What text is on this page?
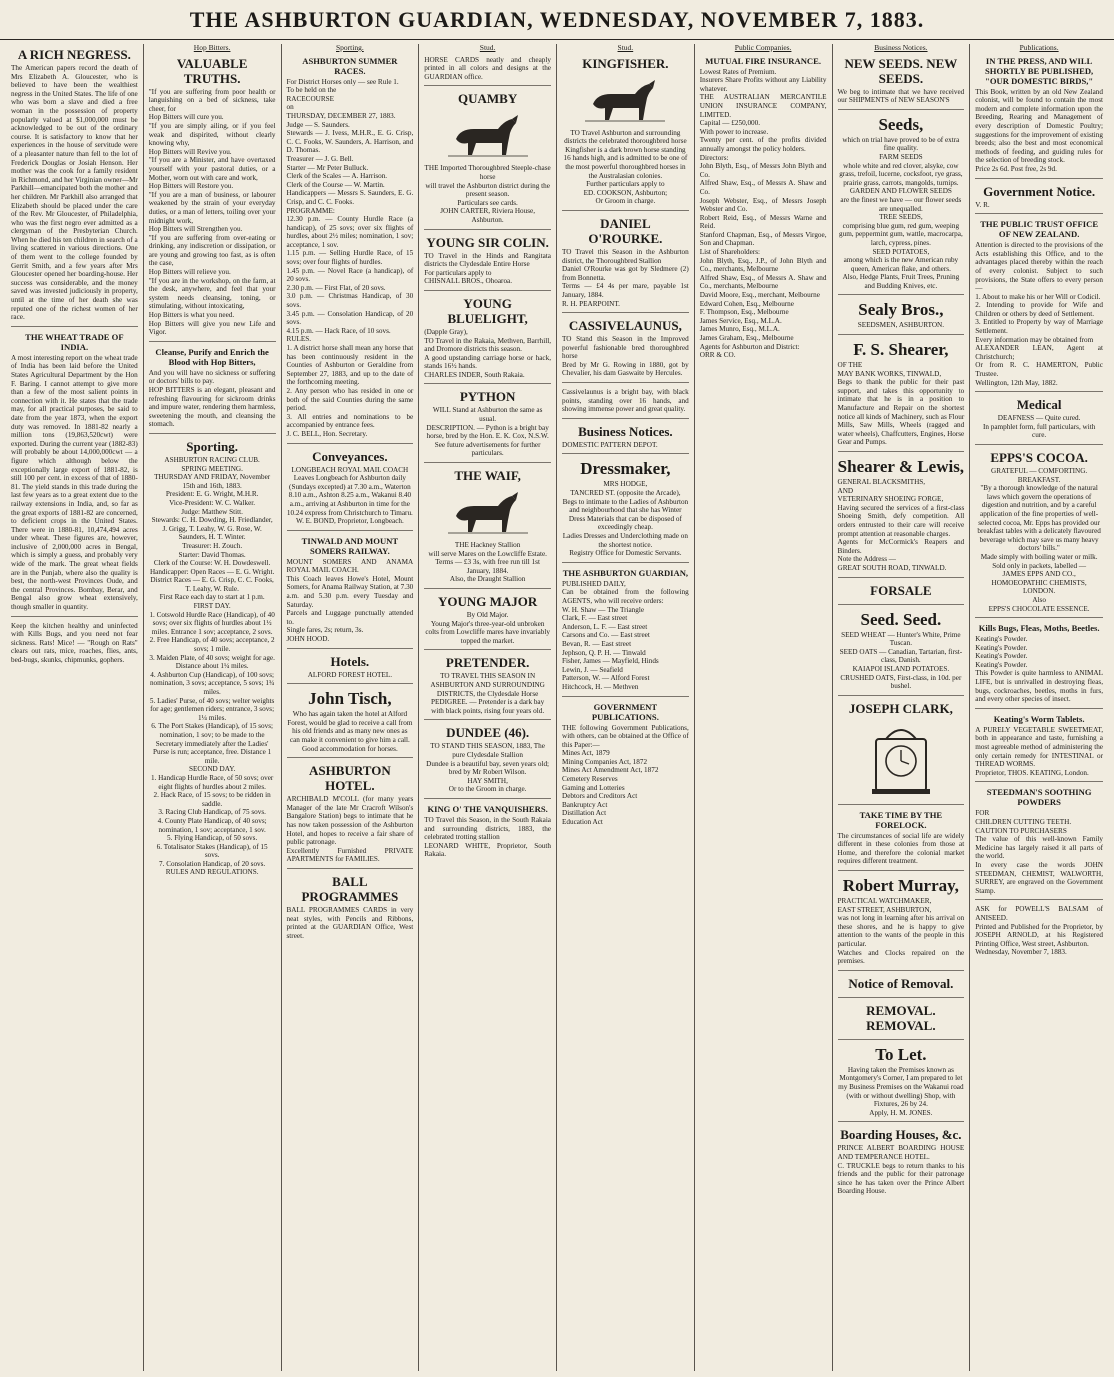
THE ASHBURTON GUARDIAN, WEDNESDAY, NOVEMBER 7, 1883.
A RICH NEGRESS.
The American papers record the death of Mrs Elizabeth A. Gloucester, who is believed to have been the wealthiest negress in the United States. The life of one who was born a slave and died a free woman in the possession of property popularly valued at $1,000,000 must be acknowledged to be out of the ordinary course. It is satisfactory to know that her experiences in the house of servitude were of a pleasanter nature than fell to the lot of Frederick Douglas or Josiah Henson. Her mother was the cook for a family resident in Richmond, and her Virginian owner—Mr Parkhill—emancipated both the mother and her children. Mr Parkhill also arranged that Elizabeth should be placed under the care of the Rev. Mr Gloucester, of Philadelphia, who was the first negro ever admitted as a clergyman of the Presbyterian Church. When he died his ten children in search of a living scattered in various directions. One of them went to the college founded by Gerrit Smith, and a few years after Mrs Gloucester opened her boarding-house. Her success was considerable, and the money saved was invested judiciously in property, until at the time of her death she was reputed one of the richest women of her race.
THE WHEAT TRADE OF INDIA.
A most interesting report on the wheat trade of India has been laid before the United States Agricultural Department by the Hon F. Baring. I cannot attempt to give more than a few of the most salient points in connection with it. He states that the trade may, for all practical purposes, be said to date from the year 1873, when the export duty was removed. In 1881-82 nearly a million tons (19,863,520cwt) were exported. During the current year (1882-83) will probably be about 14,000,000cwt — a figure which although below the exceptionally large export of 1881-82, is still 100 per cent. in excess of that of 1880-81. The yield stands in this trade during the last few years as to a great extent due to the railway extensions in India, and, so far as the great exports of 1881-82 are concerned, to deficient crops in the United States. There were in 1880-81, 10,474,494 acres under wheat. These figures are, however, inclusive of 2,000,000 acres in Bengal, which is simply a guess, and probably very wide of the mark. The great wheat fields are in the Punjab, where also the quality is best, the north-west Provinces Oude, and the central Provinces. Bombay, Berar, and Bengal also grow wheat extensively, though smaller in quantity.
Keep the kitchen healthy and uninfected with Kills Bugs, and you need not fear sickness. Rats! Mice! — "Rough on Rats" clears out rats, mice, roaches, flies, ants, bed-bugs, skunks, chipmunks, gophers.
Hop Bitters.
VALUABLE TRUTHS.
"If you are suffering from poor health or languishing on a bed of sickness, take cheer, for
Hop Bitters will cure you.
"If you are simply ailing, or if you feel weak and dispirited, without clearly knowing why,
Hop Bitters will Revive you.
"If you are a Minister, and have overtaxed yourself with your pastoral duties, or a Mother, worn out with care and work,
Hop Bitters will Restore you.
"If you are a man of business, or labourer weakened by the strain of your everyday duties, or a man of letters, toiling over your midnight work,
Hop Bitters will Strengthen you.
"If you are suffering from over-eating or drinking, any indiscretion or dissipation, or are young and growing too fast, as is often the case,
Hop Bitters will relieve you.
"If you are in the workshop, on the farm, at the desk, anywhere, and feel that your system needs cleansing, toning, or stimulating, without intoxicating,
Hop Bitters is what you need.
Hop Bitters will give you new Life and Vigor.
Cleanse, Purify and Enrich the Blood with Hop Bitters,
And you will have no sickness or suffering or doctors' bills to pay.
HOP BITTERS is an elegant, pleasant and refreshing flavouring for sickroom drinks and impure water, rendering them harmless, sweetening the mouth, and cleansing the stomach.
Sporting.
ASHBURTON RACING CLUB.
SPRING MEETING.
THURSDAY AND FRIDAY, November 15th and 16th, 1883.
President: E. G. Wright, M.H.R.
Vice-President: W. C. Walker.
Judge: Matthew Stitt.
Stewards: C. H. Dowding, H. Friedlander, J. Grigg, T. Leahy, W. G. Rose, W. Saunders, H. T. Winter.
Treasurer: H. Zouch.
Starter: David Thomas.
Clerk of the Course: W. H. Dowdeswell.
Handicapper: Open Races — E. G. Wright. District Races — E. G. Crisp, C. C. Fooks, T. Leahy, W. Rule.
First Race each day to start at 1 p.m.
FIRST DAY.
1. Cotswold Hurdle Race (Handicap), of 40 sovs; over six flights of hurdles about 1½ miles. Entrance 1 sov; acceptance, 2 sovs.
2. Free Handicap, of 40 sovs; acceptance, 2 sovs; 1 mile.
3. Maiden Plate, of 40 sovs; weight for age. Distance about 1¼ miles.
4. Ashburton Cup (Handicap), of 100 sovs; nomination, 3 sovs; acceptance, 5 sovs; 1¾ miles.
5. Ladies' Purse, of 40 sovs; welter weights for age; gentlemen riders; entrance, 3 sovs; 1¼ miles.
6. The Port Stakes (Handicap), of 15 sovs; nomination, 1 sov; to be made to the Secretary immediately after the Ladies' Purse is run; acceptance, free. Distance 1 mile.
SECOND DAY.
1. Handicap Hurdle Race, of 50 sovs; over eight flights of hurdles about 2 miles.
2. Hack Race, of 15 sovs; to be ridden in saddle.
3. Racing Club Handicap, of 75 sovs.
4. County Plate Handicap, of 40 sovs; nomination, 1 sov; acceptance, 1 sov.
5. Flying Handicap, of 50 sovs.
6. Totalisator Stakes (Handicap), of 15 sovs.
7. Consolation Handicap, of 20 sovs.
RULES AND REGULATIONS.
Sporting.
ASHBURTON SUMMER RACES.
For District Horses only — see Rule 1.
To be held on the
RACECOURSE
on
THURSDAY, DECEMBER 27, 1883.
Judge — S. Saunders.
Stewards — J. Ivess, M.H.R., E. G. Crisp, C. C. Fooks, W. Saunders, A. Harrison, and D. Thomas.
Treasurer — J. G. Bell.
Starter — Mr Peter Bulluck.
Clerk of the Scales — A. Harrison.
Clerk of the Course — W. Martin.
Handicappers — Messrs S. Saunders, E. G. Crisp, and C. C. Fooks.
PROGRAMME:
12.30 p.m. — County Hurdle Race (a handicap), of 25 sovs; over six flights of hurdles, about 2½ miles; nomination, 1 sov; acceptance, 1 sov.
1.15 p.m. — Selling Hurdle Race, of 15 sovs; over four flights of hurdles.
1.45 p.m. — Novel Race (a handicap), of 20 sovs.
2.30 p.m. — First Flat, of 20 sovs.
3.0 p.m. — Christmas Handicap, of 30 sovs.
3.45 p.m. — Consolation Handicap, of 20 sovs.
4.15 p.m. — Hack Race, of 10 sovs.
RULES.
1. A district horse shall mean any horse that has been continuously resident in the Counties of Ashburton or Geraldine from September 27, 1883, and up to the date of the forthcoming meeting.
2. Any person who has resided in one or both of the said Counties during the same period.
3. All entries and nominations to be accompanied by entrance fees.
J. C. BELL, Hon. Secretary.
Conveyances.
LONGBEACH ROYAL MAIL COACH
Leaves Longbeach for Ashburton daily (Sundays excepted) at 7.30 a.m., Waterton 8.10 a.m., Ashton 8.25 a.m., Wakanui 8.40 a.m., arriving at Ashburton in time for the 10.24 express from Christchurch to Timaru.
W. E. BOND, Proprietor, Longbeach.
TINWALD AND MOUNT SOMERS RAILWAY.
MOUNT SOMERS AND ANAMA ROYAL MAIL COACH.
This Coach leaves Howe's Hotel, Mount Somers, for Anama Railway Station, at 7.30 a.m. and 5.30 p.m. every Tuesday and Saturday.
Parcels and Luggage punctually attended to.
Single fares, 2s; return, 3s.
JOHN HOOD.
Hotels.
ALFORD FOREST HOTEL.
John Tisch,
Who has again taken the hotel at Alford Forest, would be glad to receive a call from his old friends and as many new ones as can make it convenient to give him a call.
Good accommodation for horses.
ASHBURTON HOTEL.
ARCHIBALD M'COLL (for many years Manager of the late Mr Cracroft Wilson's Bangalore Station) begs to intimate that he has now taken possession of the Ashburton Hotel, and hopes to receive a fair share of public patronage.
Excellently Furnished PRIVATE APARTMENTS for FAMILIES.
BALL PROGRAMMES
BALL PROGRAMMES CARDS in very neat styles, with Pencils and Ribbons, printed at the GUARDIAN Office, West street.
Stud.
HORSE CARDS neatly and cheaply printed in all colors and designs at the GUARDIAN office.
QUAMBY
THE Imported Thoroughbred Steeple-chase horse
will travel the Ashburton district during the present season.
Particulars see cards.
JOHN CARTER, Riviera House, Ashburton.
YOUNG SIR COLIN.
TO Travel in the Hinds and Rangitata districts the Clydesdale Entire Horse
For particulars apply to
CHISNALL BROS., Ohoaroa.
YOUNG BLUELIGHT,
(Dapple Gray),
TO Travel in the Rakaia, Methven, Barrhill, and Dromore districts this season.
A good upstanding carriage horse or hack, stands 16½ hands.
CHARLES INDER, South Rakaia.
PYTHON
WILL Stand at Ashburton the same as usual.
DESCRIPTION. — Python is a bright bay horse, bred by the Hon. E. K. Cox, N.S.W.
See future advertisements for further particulars.
THE WAIF,
THE Hackney Stallion
will serve Mares on the Lowcliffe Estate.
Terms — £3 3s, with free run till 1st January, 1884.
Also, the Draught Stallion
YOUNG MAJOR
By Old Major.
Young Major's three-year-old unbroken colts from Lowcliffe mares have invariably topped the market.
PRETENDER.
TO TRAVEL THIS SEASON IN ASHBURTON AND SURROUNDING DISTRICTS, the Clydesdale Horse
PEDIGREE. — Pretender is a dark bay with black points, rising four years old.
DUNDEE (46).
TO STAND THIS SEASON, 1883, The pure Clydesdale Stallion
Dundee is a beautiful bay, seven years old; bred by Mr Robert Wilson.
HAY SMITH,
Or to the Groom in charge.
KING O' THE VANQUISHERS.
TO Travel this Season, in the South Rakaia and surrounding districts, 1883, the celebrated trotting stallion
LEONARD WHITE, Proprietor, South Rakaia.
Stud.
KINGFISHER.
TO Travel Ashburton and surrounding districts the celebrated thoroughbred horse
Kingfisher is a dark brown horse standing 16 hands high, and is admitted to be one of the most powerful thoroughbred horses in the Australasian colonies.
Further particulars apply to
ED. COOKSON, Ashburton;
Or Groom in charge.
DANIEL O'ROURKE.
TO Travel this Season in the Ashburton district, the Thoroughbred Stallion
Daniel O'Rourke was got by Sledmere (2) from Bonnetta.
Terms — £4 4s per mare, payable 1st January, 1884.
R. H. PEARPOINT.
CASSIVELAUNUS,
TO Stand this Season in the Improved powerful fashionable bred thoroughbred horse
Bred by Mr G. Rowing in 1880, got by Chevalier, his dam Gaswaite by Hercules.
Cassivelaunus is a bright bay, with black points, standing over 16 hands, and showing immense power and great quality.
Business Notices.
DOMESTIC PATTERN DEPOT.
Dressmaker,
MRS HODGE,
TANCRED ST. (opposite the Arcade),
Begs to intimate to the Ladies of Ashburton and neighbourhood that she has Winter Dress Materials that can be disposed of exceedingly cheap.
Ladies Dresses and Underclothing made on the shortest notice.
Registry Office for Domestic Servants.
THE ASHBURTON GUARDIAN,
PUBLISHED DAILY,
Can be obtained from the following AGENTS, who will receive orders:
W. H. Shaw — The Triangle
Clark, F. — East street
Anderson, L. F. — East street
Carsons and Co. — East street
Bevan, R. — East street
Jephson, Q. P. H. — Tinwald
Fisher, James — Mayfield, Hinds
Lewin, J. — Seafield
Patterson, W. — Alford Forest
Hitchcock, H. — Methven
GOVERNMENT PUBLICATIONS.
THE following Government Publications, with others, can be obtained at the Office of this Paper:—
Mines Act, 1879
Mining Companies Act, 1872
Mines Act Amendment Act, 1872
Cemetery Reserves
Gaming and Lotteries
Debtors and Creditors Act
Bankruptcy Act
Distillation Act
Education Act
Public Companies.
MUTUAL FIRE INSURANCE.
Lowest Rates of Premium.
Insurers Share Profits without any Liability whatever.
THE AUSTRALIAN MERCANTILE UNION INSURANCE COMPANY, LIMITED.
Capital — £250,000.
With power to increase.
Twenty per cent. of the profits divided annually amongst the policy holders.
Directors:
John Blyth, Esq., of Messrs John Blyth and Co.
Alfred Shaw, Esq., of Messrs A. Shaw and Co.
Joseph Webster, Esq., of Messrs Joseph Webster and Co.
Robert Reid, Esq., of Messrs Warne and Reid.
Stanford Chapman, Esq., of Messrs Virgoe, Son and Chapman.
List of Shareholders:
John Blyth, Esq., J.P., of John Blyth and Co., merchants, Melbourne
Alfred Shaw, Esq., of Messrs A. Shaw and Co., merchants, Melbourne
David Moore, Esq., merchant, Melbourne
Edward Cohen, Esq., Melbourne
F. Thompson, Esq., Melbourne
James Service, Esq., M.L.A.
James Munro, Esq., M.L.A.
James Graham, Esq., Melbourne
Agents for Ashburton and District:
ORR & CO.
Business Notices.
NEW SEEDS. NEW SEEDS.
We beg to intimate that we have received our SHIPMENTS of NEW SEASON'S
Seeds,
which on trial have proved to be of extra fine quality.
FARM SEEDS
whole white and red clover, alsyke, cow grass, trefoil, lucerne, cocksfoot, rye grass, prairie grass, carrots, mangolds, turnips.
GARDEN AND FLOWER SEEDS
are the finest we have — our flower seeds are unequalled.
TREE SEEDS,
comprising blue gum, red gum, weeping gum, peppermint gum, wattle, macrocarpa, larch, cypress, pines.
SEED POTATOES,
among which is the new American ruby queen, American flake, and others.
Also, Hedge Plants, Fruit Trees, Pruning and Budding Knives, etc.
Sealy Bros.,
SEEDSMEN, ASHBURTON.
F. S. Shearer,
OF THE
MAY BANK WORKS, TINWALD,
Begs to thank the public for their past support, and takes this opportunity to intimate that he is in a position to Manufacture and Repair on the shortest notice all kinds of Machinery, such as Flour Mills, Saw Mills, Wheels (ragged and water wheels), Chaffcutters, Engines, Horse Gear and Pumps.
Shearer & Lewis,
GENERAL BLACKSMITHS,
AND
VETERINARY SHOEING FORGE,
Having secured the services of a first-class Shoeing Smith, defy competition. All orders entrusted to their care will receive prompt attention at reasonable charges.
Agents for McCormick's Reapers and Binders.
Note the Address —
GREAT SOUTH ROAD, TINWALD.
FORSALE
Seed. Seed.
SEED WHEAT — Hunter's White, Prime Tuscan.
SEED OATS — Canadian, Tartarian, first-class, Danish.
KAIAPOI ISLAND POTATOES.
CRUSHED OATS, First-class, in 10d. per bushel.
JOSEPH CLARK,
TAKE TIME BY THE FORELOCK.
The circumstances of social life are widely different in these colonies from those at Home, and therefore the colonial market requires different treatment.
Robert Murray,
PRACTICAL WATCHMAKER,
EAST STREET, ASHBURTON,
was not long in learning after his arrival on these shores, and he is happy to give attention to the wants of the people in this particular.
Watches and Clocks repaired on the premises.
Notice of Removal.
REMOVAL. REMOVAL.
To Let.
Having taken the Premises known as Montgomery's Corner, I am prepared to let my Business Premises on the Wakanui road (with or without dwelling) Shop, with Fixtures, 26 by 24.
Apply, H. M. JONES.
Boarding Houses, &c.
PRINCE ALBERT BOARDING HOUSE AND TEMPERANCE HOTEL.
C. TRUCKLE begs to return thanks to his friends and the public for their patronage since he has taken over the Prince Albert Boarding House.
Publications.
IN THE PRESS, AND WILL SHORTLY BE PUBLISHED, "OUR DOMESTIC BIRDS,"
This Book, written by an old New Zealand colonist, will be found to contain the most modern and complete information upon the Breeding, Rearing and Management of every description of Domestic Poultry; suggestions for the improvement of existing breeds; also the best and most economical methods of feeding, and guiding rules for the selection of breeding stock.
Price 2s 6d. Post free, 2s 9d.
Government Notice.
V. R.
THE PUBLIC TRUST OFFICE OF NEW ZEALAND.
Attention is directed to the provisions of the Acts establishing this Office, and to the advantages placed thereby within the reach of every colonist. Subject to such provisions, the State offers to every person —
1. About to make his or her Will or Codicil.
2. Intending to provide for Wife and Children or others by deed of Settlement.
3. Entitled to Property by way of Marriage Settlement.
Every information may be obtained from
ALEXANDER LEAN, Agent at Christchurch;
Or from R. C. HAMERTON, Public Trustee.
Wellington, 12th May, 1882.
Medical
DEAFNESS — Quite cured.
In pamphlet form, full particulars, with cure.
EPPS'S COCOA.
GRATEFUL — COMFORTING.
BREAKFAST.
"By a thorough knowledge of the natural laws which govern the operations of digestion and nutrition, and by a careful application of the fine properties of well-selected cocoa, Mr. Epps has provided our breakfast tables with a delicately flavoured beverage which may save us many heavy doctors' bills."
Made simply with boiling water or milk.
Sold only in packets, labelled —
JAMES EPPS AND CO., HOMOEOPATHIC CHEMISTS, LONDON.
Also
EPPS'S CHOCOLATE ESSENCE.
Kills Bugs, Fleas, Moths, Beetles.
Keating's Powder.
Keating's Powder.
Keating's Powder.
Keating's Powder.
This Powder is quite harmless to ANIMAL LIFE, but is unrivalled in destroying fleas, bugs, cockroaches, beetles, moths in furs, and every other species of insect.
Keating's Worm Tablets.
A PURELY VEGETABLE SWEETMEAT, both in appearance and taste, furnishing a most agreeable method of administering the only certain remedy for INTESTINAL or THREAD WORMS.
Proprietor, THOS. KEATING, London.
STEEDMAN'S SOOTHING POWDERS
FOR
CHILDREN CUTTING TEETH.
CAUTION TO PURCHASERS
The value of this well-known Family Medicine has largely raised it all parts of the world.
In every case the words JOHN STEEDMAN, CHEMIST, WALWORTH, SURREY, are engraved on the Government Stamp.
ASK for POWELL'S BALSAM of ANISEED.
Printed and Published for the Proprietor, by JOSEPH ARNOLD, at his Registered Printing Office, West street, Ashburton.
Wednesday, November 7, 1883.
